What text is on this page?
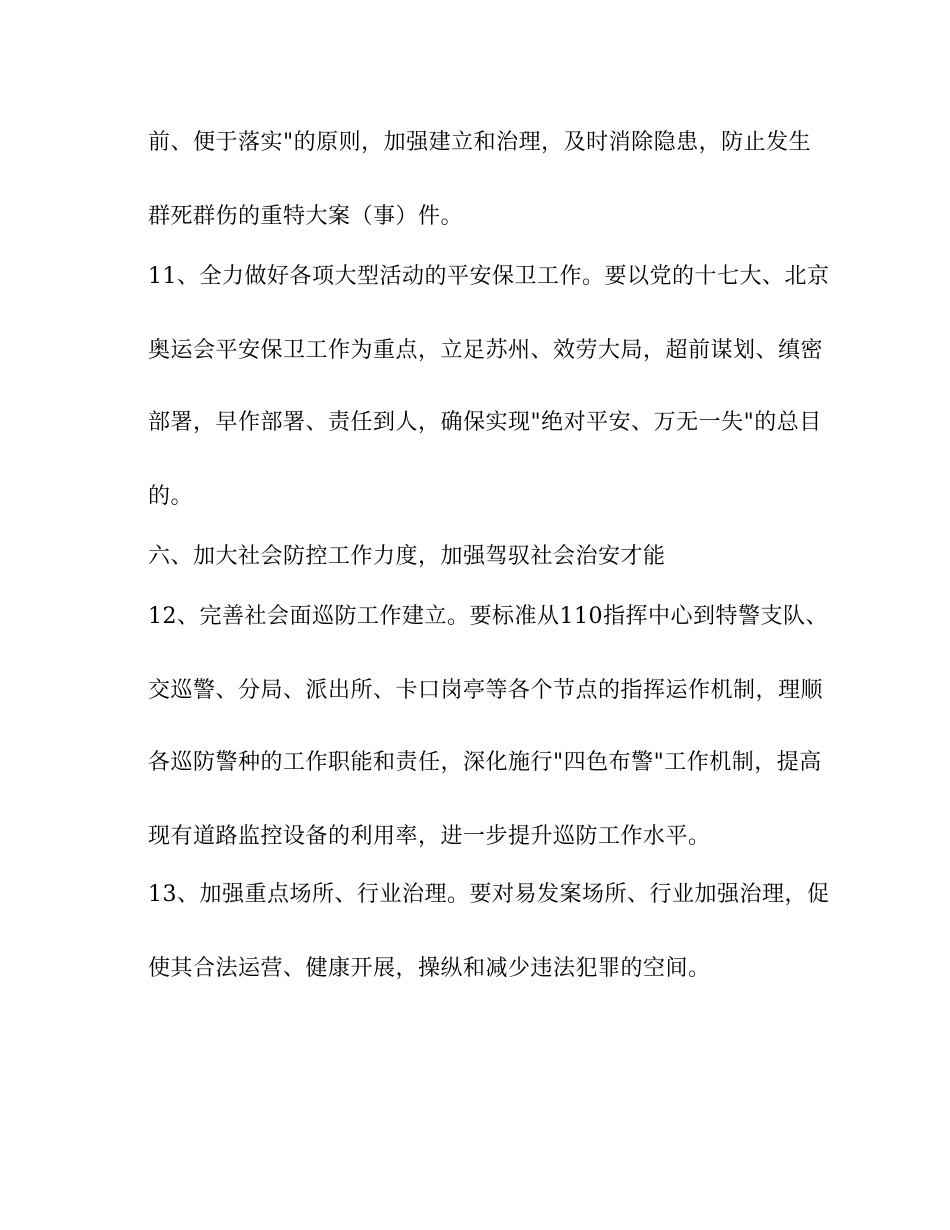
前、便于落实"的原则，加强建立和治理，及时消除隐患，防止发生
群死群伤的重特大案（事）件。
11、全力做好各项大型活动的平安保卫工作。要以党的十七大、北京
奥运会平安保卫工作为重点，立足苏州、效劳大局，超前谋划、缜密
部署，早作部署、责任到人，确保实现"绝对平安、万无一失"的总目
的。
六、加大社会防控工作力度，加强驾驭社会治安才能
12、完善社会面巡防工作建立。要标准从110指挥中心到特警支队、
交巡警、分局、派出所、卡口岗亭等各个节点的指挥运作机制，理顺
各巡防警种的工作职能和责任，深化施行"四色布警"工作机制，提高
现有道路监控设备的利用率，进一步提升巡防工作水平。
13、加强重点场所、行业治理。要对易发案场所、行业加强治理，促
使其合法运营、健康开展，操纵和减少违法犯罪的空间。
